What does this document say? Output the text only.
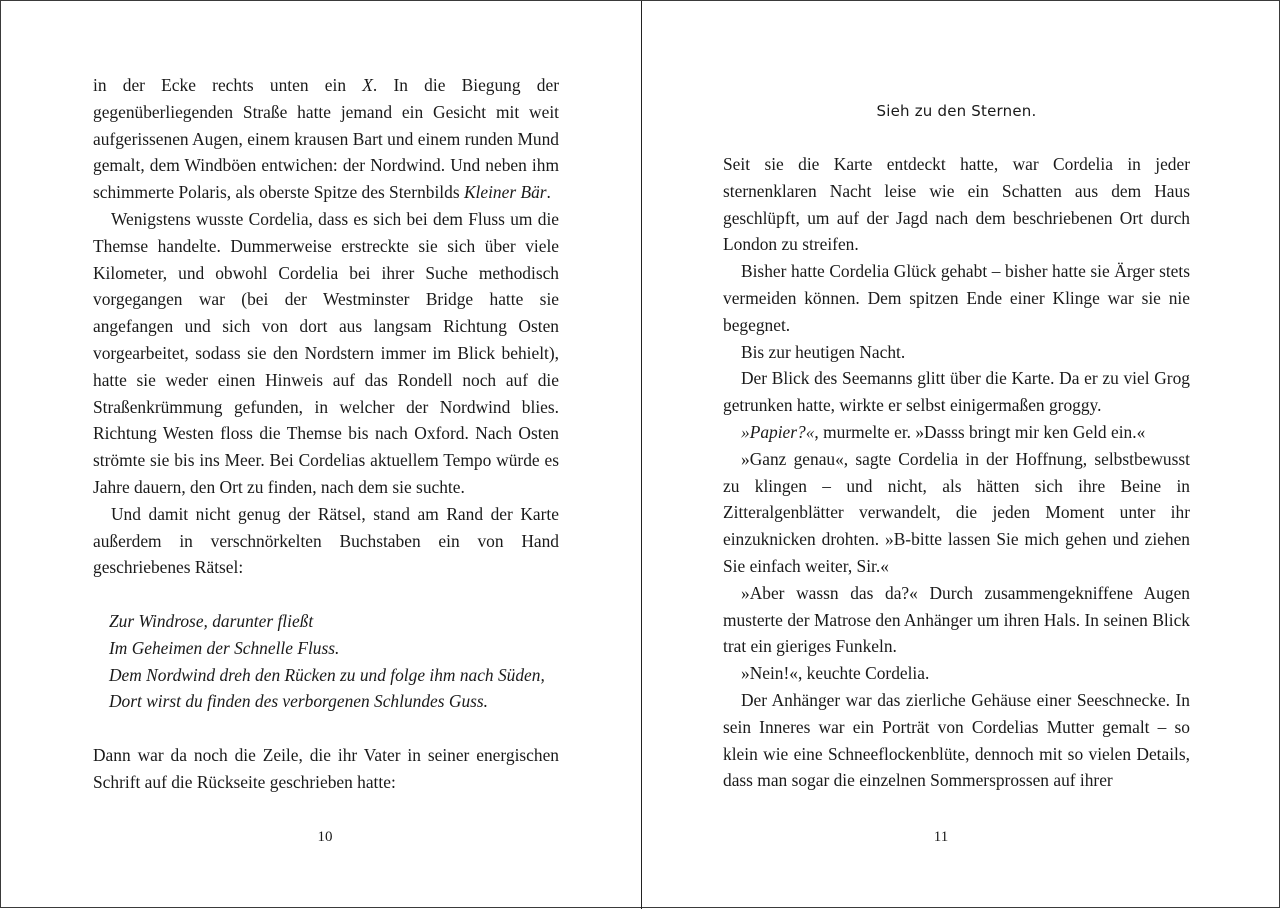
in der Ecke rechts unten ein X. In die Biegung der gegenüberliegenden Straße hatte jemand ein Gesicht mit weit aufgerissenen Augen, einem krausen Bart und einem runden Mund gemalt, dem Windböen entwichen: der Nordwind. Und neben ihm schimmerte Polaris, als oberste Spitze des Sternbilds Kleiner Bär.

Wenigstens wusste Cordelia, dass es sich bei dem Fluss um die Themse handelte. Dummerweise erstreckte sie sich über viele Kilometer, und obwohl Cordelia bei ihrer Suche methodisch vorgegangen war (bei der Westminster Bridge hatte sie angefangen und sich von dort aus langsam Richtung Osten vorgearbeitet, sodass sie den Nordstern immer im Blick behielt), hatte sie weder einen Hinweis auf das Rondell noch auf die Straßenkrümmung gefunden, in welcher der Nordwind blies. Richtung Westen floss die Themse bis nach Oxford. Nach Osten strömte sie bis ins Meer. Bei Cordelias aktuellem Tempo würde es Jahre dauern, den Ort zu finden, nach dem sie suchte.

Und damit nicht genug der Rätsel, stand am Rand der Karte außerdem in verschnörkelten Buchstaben ein von Hand geschriebenes Rätsel:

Zur Windrose, darunter fließt
Im Geheimen der Schnelle Fluss.
Dem Nordwind dreh den Rücken zu und folge ihm nach Süden,
Dort wirst du finden des verborgenen Schlundes Guss.

Dann war da noch die Zeile, die ihr Vater in seiner energischen Schrift auf die Rückseite geschrieben hatte:

10
Sieh zu den Sternen.

Seit sie die Karte entdeckt hatte, war Cordelia in jeder sternenklaren Nacht leise wie ein Schatten aus dem Haus geschlüpft, um auf der Jagd nach dem beschriebenen Ort durch London zu streifen.

Bisher hatte Cordelia Glück gehabt – bisher hatte sie Ärger stets vermeiden können. Dem spitzen Ende einer Klinge war sie nie begegnet.

Bis zur heutigen Nacht.

Der Blick des Seemanns glitt über die Karte. Da er zu viel Grog getrunken hatte, wirkte er selbst einigermaßen groggy.

»Papier?«, murmelte er. »Dasss bringt mir ken Geld ein.«

»Ganz genau«, sagte Cordelia in der Hoffnung, selbstbewusst zu klingen – und nicht, als hätten sich ihre Beine in Zitteralgenblätter verwandelt, die jeden Moment unter ihr einzuknicken drohten. »B-bitte lassen Sie mich gehen und ziehen Sie einfach weiter, Sir.«

»Aber wassn das da?« Durch zusammengekniffene Augen musterte der Matrose den Anhänger um ihren Hals. In seinen Blick trat ein gieriges Funkeln.

»Nein!«, keuchte Cordelia.

Der Anhänger war das zierliche Gehäuse einer Seeschnecke. In sein Inneres war ein Porträt von Cordelias Mutter gemalt – so klein wie eine Schneeflockenblüte, dennoch mit so vielen Details, dass man sogar die einzelnen Sommersprossen auf ihrer

11
